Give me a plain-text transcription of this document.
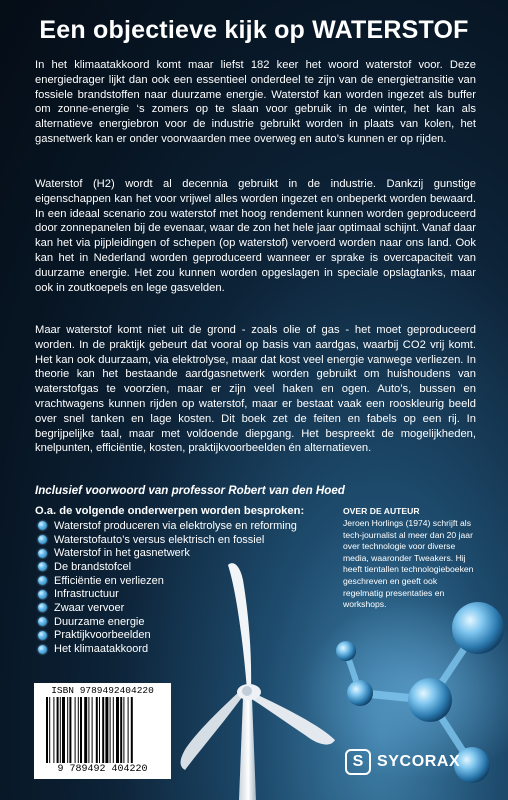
Een objectieve kijk op WATERSTOF

In het klimaatakkoord komt maar liefst 182 keer het woord waterstof voor. Deze energiedrager lijkt dan ook een essentieel onderdeel te zijn van de energietransitie van fossiele brandstoffen naar duurzame energie. Waterstof kan worden ingezet als buffer om zonne-energie ‘s zomers op te slaan voor gebruik in de winter, het kan als alternatieve energiebron voor de industrie gebruikt worden in plaats van kolen, het gasnetwerk kan er onder voorwaarden mee overweg en auto’s kunnen er op rijden.

Waterstof (H2) wordt al decennia gebruikt in de industrie. Dankzij gunstige eigenschappen kan het voor vrijwel alles worden ingezet en onbeperkt worden bewaard. In een ideaal scenario zou waterstof met hoog rendement kunnen worden geproduceerd door zonnepanelen bij de evenaar, waar de zon het hele jaar optimaal schijnt. Vanaf daar kan het via pijpleidingen of schepen (op waterstof) vervoerd worden naar ons land. Ook kan het in Nederland worden geproduceerd wanneer er sprake is overcapaciteit van duurzame energie. Het zou kunnen worden opgeslagen in speciale opslagtanks, maar ook in zoutkoepels en lege gasvelden.

Maar waterstof komt niet uit de grond - zoals olie of gas - het moet geproduceerd worden. In de praktijk gebeurt dat vooral op basis van aardgas, waarbij CO2 vrij komt. Het kan ook duurzaam, via elektrolyse, maar dat kost veel energie vanwege verliezen. In theorie kan het bestaande aardgasnetwerk worden gebruikt om huishoudens van waterstofgas te voorzien, maar er zijn veel haken en ogen. Auto’s, bussen en vrachtwagens kunnen rijden op waterstof, maar er bestaat vaak een rooskleurig beeld over snel tanken en lage kosten. Dit boek zet de feiten en fabels op een rij. In begrijpelijke taal, maar met voldoende diepgang. Het bespreekt de mogelijkheden, knelpunten, efficiëntie, kosten, praktijkvoorbeelden én alternatieven.

Inclusief voorwoord van professor Robert van den Hoed
O.a. de volgende onderwerpen worden besproken:
Waterstof produceren via elektrolyse en reforming
Waterstofauto’s versus elektrisch en fossiel
Waterstof in het gasnetwerk
De brandstofcel
Efficiëntie en verliezen
Infrastructuur
Zwaar vervoer
Duurzame energie
Praktijkvoorbeelden
Het klimaatakkoord
OVER DE AUTEUR

Jeroen Horlings (1974) schrijft als tech-journalist al meer dan 20 jaar over technologie voor diverse media, waaronder Tweakers. Hij heeft tientallen technologieboeken geschreven en geeft ook regelmatig presentaties en workshops.

ISBN 9789492404220
9 789492 404220	S SYCORAX
